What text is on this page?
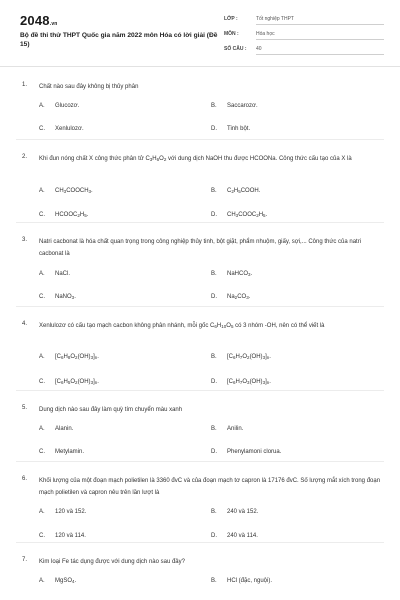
2048.vn
Bộ đề thi thử THPT Quốc gia năm 2022 môn Hóa có lời giải (Đề 15)
LỚP :	Tốt nghiệp THPT
MÔN :	Hóa học
SỐ CÂU : 40
1. Chất nào sau đây không bị thủy phân
A. Glucozơ.	B. Saccarozơ.
C. Xenlulozơ.	D. Tinh bột.
2. Khi đun nóng chất X công thức phân tử $C_3H_6O_2$ với dung dịch NaOH thu được HCOONa. Công thức cấu tạo của X là
A. $CH_3COOCH_3$.	B. $C_2H_5COOH$.
C. $HCOOC_2H_5$.	D. $CH_3COOC_2H_5$.
3. Natri cacbonat là hóa chất quan trọng trong công nghiệp thủy tinh, bột giặt, phẩm nhuộm, giấy, sợi,... Công thức của natri cacbonat là
A. NaCl.	B. NaHCO$_3$.
C. NaNO$_3$.	D. $Na_2CO_3$.
4. Xenlulozơ có cấu tạo mạch cacbon không phân nhánh, mỗi gốc $C_6H_{10}O_5$ có 3 nhóm -OH, nên có thể viết là
A. $[C_6H_8O_2(OH)_3]_n$.	B. $[C_6H_7O_2(OH)_3]_n$.
C. $[C_6H_5O_2(OH)_3]_n$.	D. $[C_6H_7O_3(OH)_3]_n$.
5. Dung dịch nào sau đây làm quỳ tím chuyển màu xanh
A. Alanin.	B. Anilin.
C. Metylamin.	D. Phenylamoni clorua.
6. Khối lượng của một đoạn mạch polietilen là 3360 đvC và của đoạn mạch tơ capron là 17176 đvC. Số lượng mắt xích trong đoạn mạch polietilen và capron nêu trên lần lượt là
A. 120 và 152.	B. 240 và 152.
C. 120 và 114.	D. 240 và 114.
7. Kim loại Fe tác dụng được với dung dịch nào sau đây?
A. MgSO$_4$.	B. HCl (đặc, nguội).
